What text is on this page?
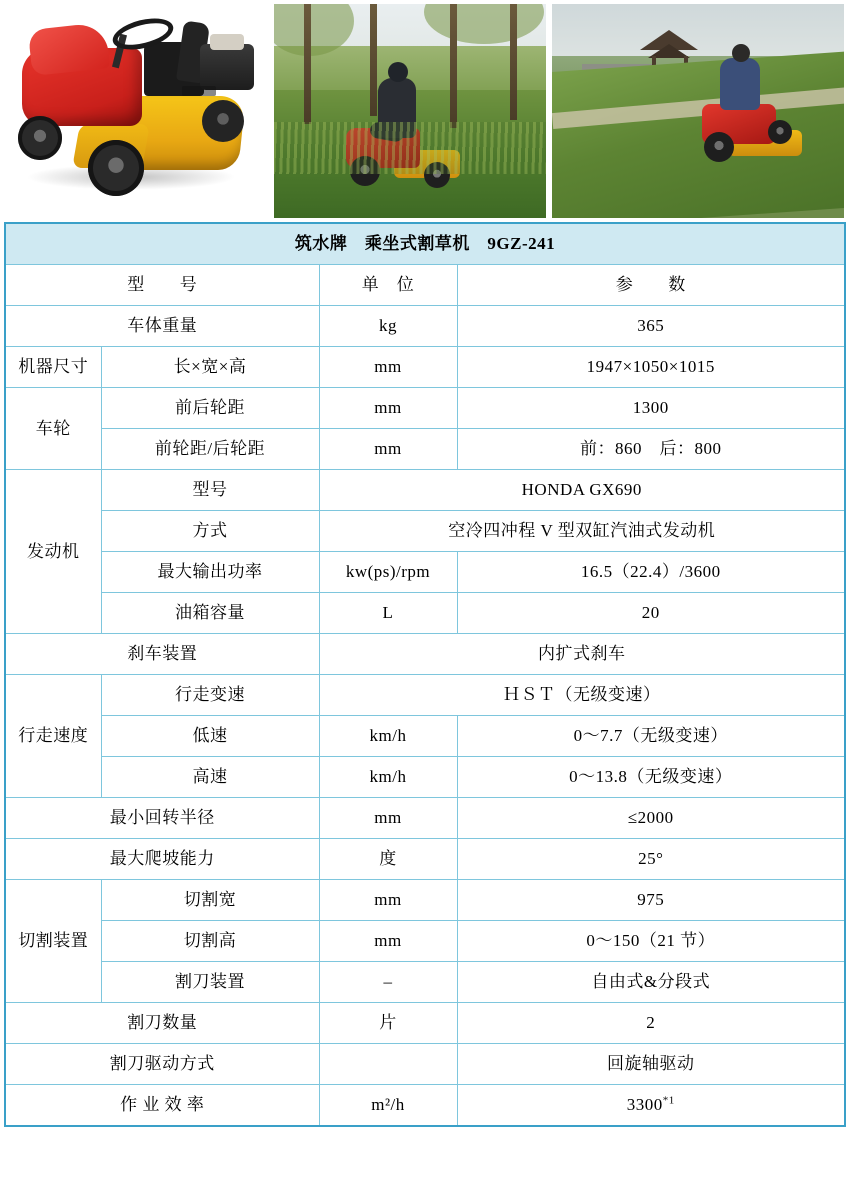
筑水牌　乘坐式割草机　9GZ-241			
型　　号		单　位	参　　数
车体重量		kg	365
机器尺寸	长×宽×高	mm	1947×1050×1015
车轮	前后轮距	mm	1300
	前轮距/后轮距	mm	前：860　后：800
发动机	型号	HONDA GX690	
	方式	空冷四冲程 V 型双缸汽油式发动机	
	最大输出功率	kw(ps)/rpm	16.5（22.4）/3600
	油箱容量	L	20
刹车装置		内扩式刹车	
行走速度	行走变速	ＨＳＴ（无级变速）	
	低速	km/h	0～7.7（无级变速）
	高速	km/h	0～13.8（无级变速）
最小回转半径		mm	≤2000
最大爬坡能力		度	25°
切割装置	切割宽	mm	975
	切割高	mm	0～150（21 节）
	割刀装置	–	自由式&分段式
割刀数量		片	2
割刀驱动方式			回旋轴驱动
作 业 效 率		m²/h	3300$^{*1}$
